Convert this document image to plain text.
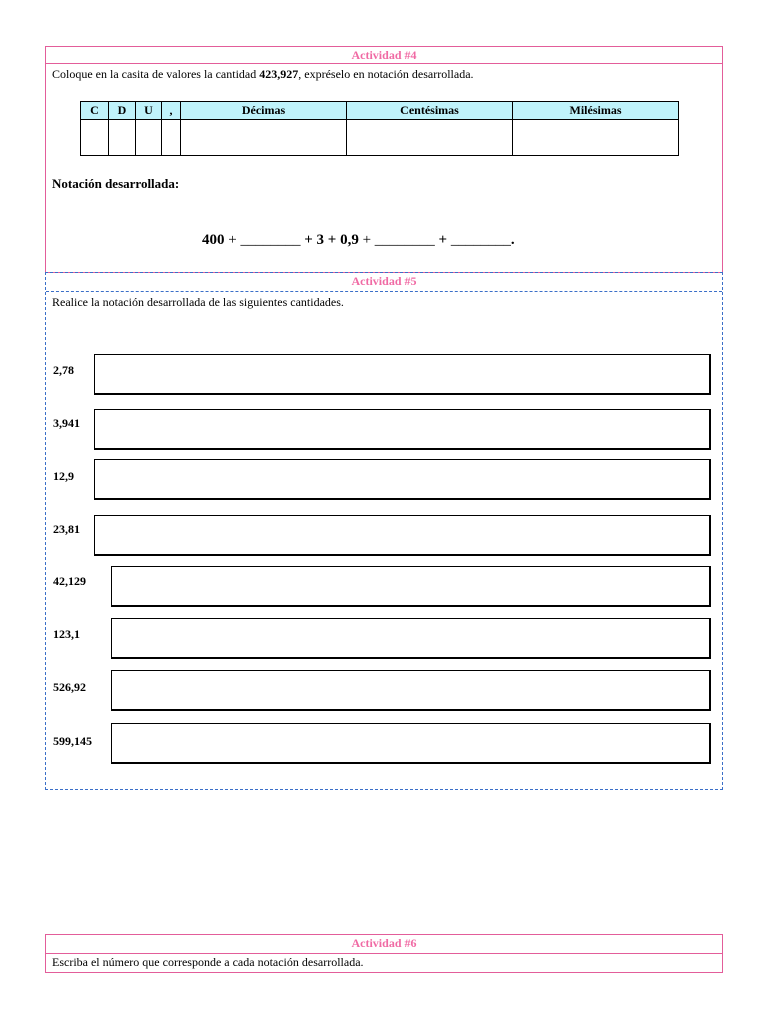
Actividad #4
Coloque en la casita de valores la cantidad 423,927, expréselo en notación desarrollada.
C	D	U	,	Décimas	Centésimas	Milésimas

Notación desarrollada:
400 + ________ + 3 + 0,9 + ________ + ________.
Actividad #5
Realice la notación desarrollada de las siguientes cantidades.
2,78
3,941
12,9
23,81
42,129
123,1
526,92
599,145
Actividad #6
Escriba el número que corresponde a cada notación desarrollada.
